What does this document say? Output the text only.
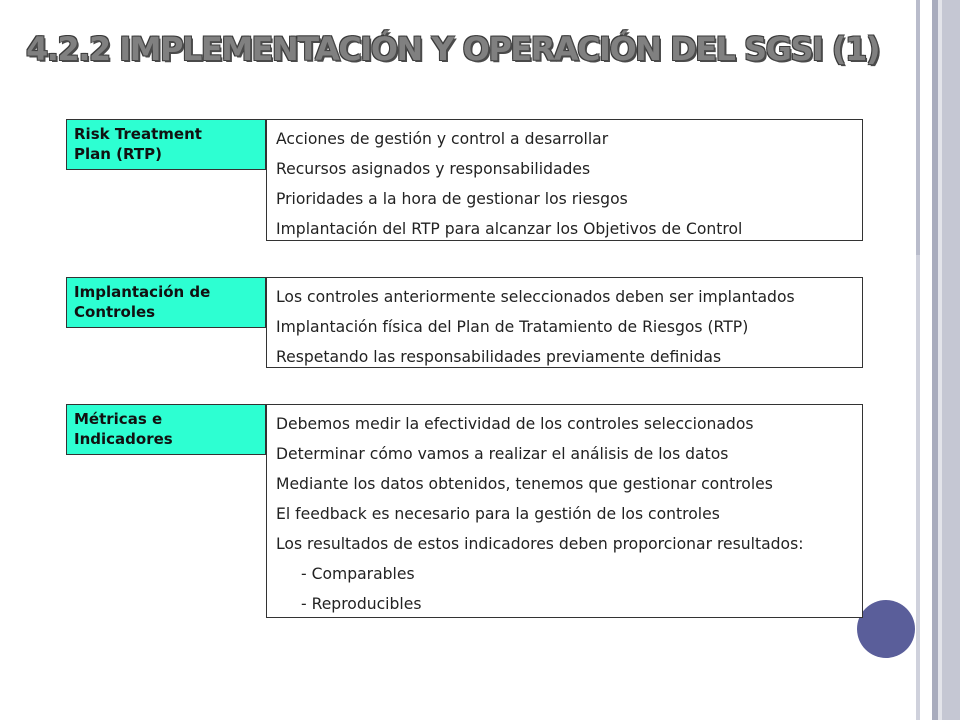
4.2.2 IMPLEMENTACIÓN Y OPERACIÓN DEL SGSI (1)
Risk Treatment
Plan (RTP)
Acciones de gestión y control a desarrollar
Recursos asignados y responsabilidades
Prioridades a la hora de gestionar los riesgos
Implantación del RTP para alcanzar los Objetivos de Control
Implantación de
Controles
Los controles anteriormente seleccionados deben ser implantados
Implantación física del Plan de Tratamiento de Riesgos (RTP)
Respetando las responsabilidades previamente definidas
Métricas e
Indicadores
Debemos medir la efectividad de los controles seleccionados
Determinar cómo vamos a realizar el análisis de los datos
Mediante los datos obtenidos, tenemos que gestionar controles
El feedback es necesario para la gestión de los controles
Los resultados de estos indicadores deben proporcionar resultados:
- Comparables
- Reproducibles
